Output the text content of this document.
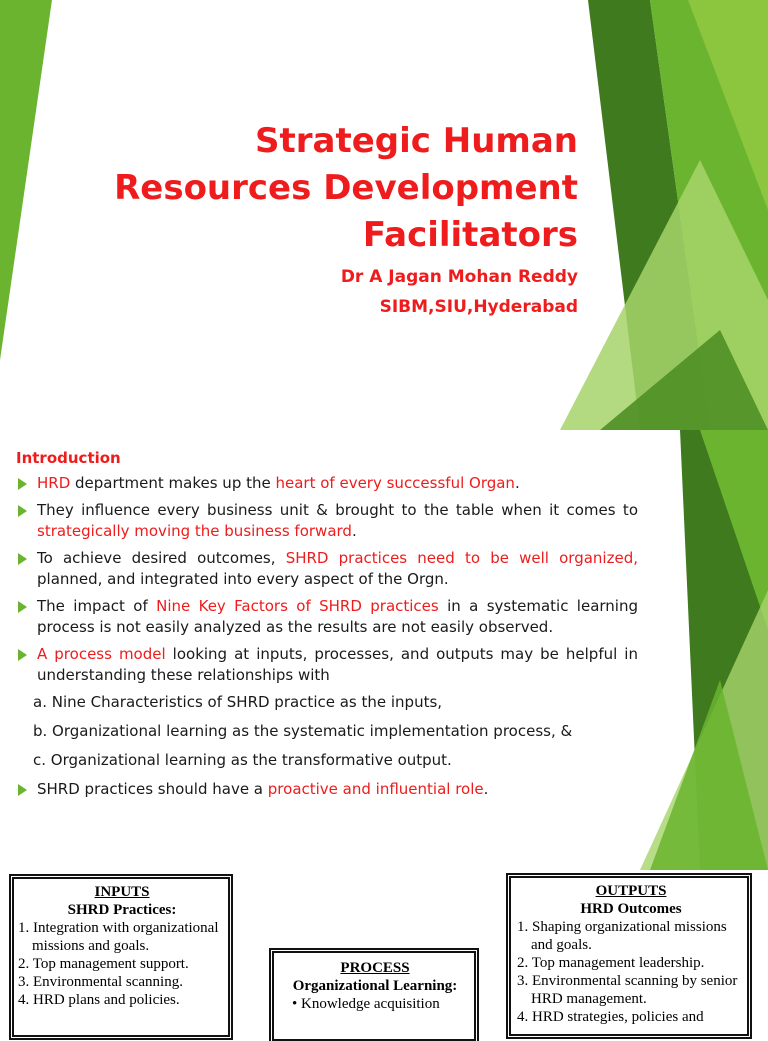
Strategic Human
Resources Development
Facilitators
Dr A Jagan Mohan Reddy
SIBM,SIU,Hyderabad
Introduction
HRD department makes up the heart of every successful Organ.
They influence every business unit & brought to the table when it comes to strategically moving the business forward.
To achieve desired outcomes, SHRD practices need to be well organized, planned, and integrated into every aspect of the Orgn.
The impact of Nine Key Factors of SHRD practices in a systematic learning process is not easily analyzed as the results are not easily observed.
A process model looking at inputs, processes, and outputs may be helpful in understanding these relationships with
a. Nine Characteristics of SHRD practice as the inputs,
b. Organizational learning as the systematic implementation process, &
c. Organizational learning as the transformative output.
SHRD practices should have a proactive and influential role.
INPUTS
SHRD Practices:
1. Integration with organizational missions and goals.
2. Top management support.
3. Environmental scanning.
4. HRD plans and policies.
PROCESS
Organizational Learning:
• Knowledge acquisition
OUTPUTS
HRD Outcomes
1. Shaping organizational missions and goals.
2. Top management leadership.
3. Environmental scanning by senior HRD management.
4. HRD strategies, policies and
